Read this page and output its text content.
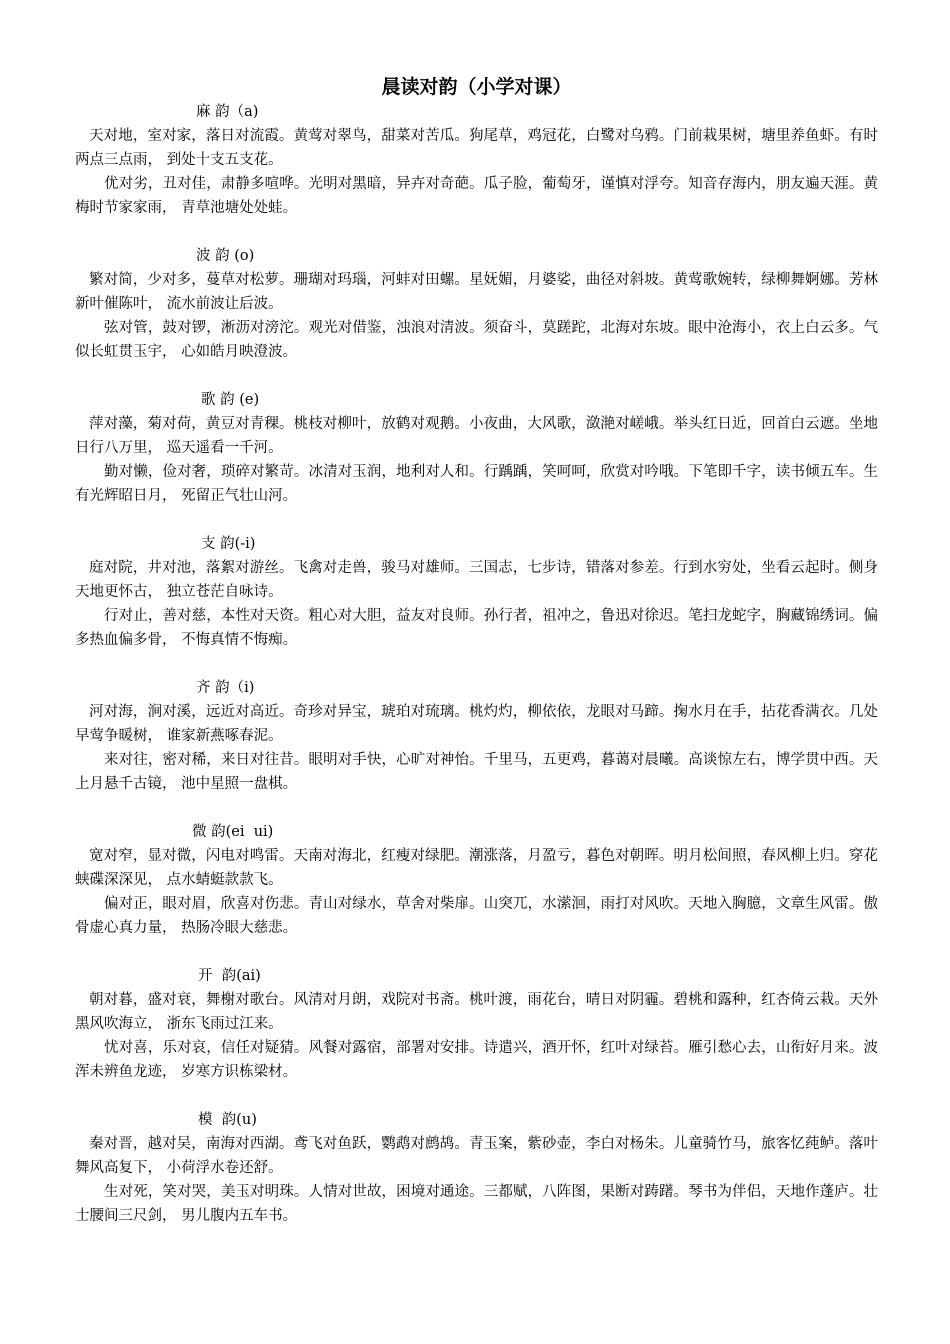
晨读对韵（小学对课）
麻 韵（a)

天对地，室对家，落日对流霞。黄莺对翠鸟，甜菜对苦瓜。狗尾草，鸡冠花，白鹭对乌鸦。门前栽果树，塘里养鱼虾。有时两点三点雨， 到处十支五支花。

优对劣，丑对佳，肃静多喧哗。光明对黑暗，异卉对奇葩。瓜子脸，葡萄牙，谨慎对浮夸。知音存海内，朋友遍天涯。黄梅时节家家雨， 青草池塘处处蛙。

波 韵 (o)

繁对简，少对多，蔓草对松萝。珊瑚对玛瑙，河蚌对田螺。星妩媚，月婆娑，曲径对斜坡。黄莺歌婉转，绿柳舞婀娜。芳林新叶催陈叶， 流水前波让后波。

弦对管，鼓对锣，淅沥对滂沱。观光对借鉴，浊浪对清波。须奋斗，莫蹉跎，北海对东坡。眼中沧海小，衣上白云多。气似长虹贯玉宇， 心如皓月映澄波。

歌 韵 (e)

萍对藻，菊对荷，黄豆对青稞。桃枝对柳叶，放鹤对观鹅。小夜曲，大风歌，潋滟对嵯峨。举头红日近，回首白云遮。坐地日行八万里， 巡天遥看一千河。

勤对懒，俭对奢，琐碎对繁苛。冰清对玉润，地利对人和。行踽踽，笑呵呵，欣赏对吟哦。下笔即千字，读书倾五车。生有光辉昭日月， 死留正气壮山河。

支 韵(-i)

庭对院，井对池，落絮对游丝。飞禽对走兽，骏马对雄师。三国志，七步诗，错落对参差。行到水穷处，坐看云起时。侧身天地更怀古， 独立苍茫自咏诗。

行对止，善对慈，本性对天资。粗心对大胆，益友对良师。孙行者，祖冲之，鲁迅对徐迟。笔扫龙蛇字，胸藏锦绣词。偏多热血偏多骨， 不悔真情不悔痴。

齐 韵（i)

河对海，涧对溪，远近对高近。奇珍对异宝，琥珀对琉璃。桃灼灼，柳依依，龙眼对马蹄。掬水月在手，拈花香满衣。几处早莺争暖树， 谁家新燕啄春泥。

来对往，密对稀，来日对往昔。眼明对手快，心旷对神怡。千里马，五更鸡，暮蔼对晨曦。高谈惊左右，博学贯中西。天上月悬千古镜， 池中星照一盘棋。

微 韵(ei  ui)

宽对窄，显对微，闪电对鸣雷。天南对海北，红瘦对绿肥。潮涨落，月盈亏，暮色对朝晖。明月松间照，春风柳上归。穿花蛱碟深深见， 点水蜻蜓款款飞。

偏对正，眼对眉，欣喜对伤悲。青山对绿水，草舍对柴扉。山突兀，水潆洄，雨打对风吹。天地入胸臆，文章生风雷。傲骨虚心真力量， 热肠冷眼大慈悲。

开  韵(ai)

朝对暮，盛对衰，舞榭对歌台。风清对月朗，戏院对书斋。桃叶渡，雨花台，晴日对阴霾。碧桃和露种，红杏倚云栽。天外黑风吹海立， 浙东飞雨过江来。

忧对喜，乐对哀，信任对疑猜。风餐对露宿，部署对安排。诗遣兴，酒开怀，红叶对绿苔。雁引愁心去，山衔好月来。波浑未辨鱼龙迹， 岁寒方识栋梁材。

模  韵(u)

秦对晋，越对吴，南海对西湖。鸢飞对鱼跃，鹦鹉对鹧鸪。青玉案，紫砂壶，李白对杨朱。儿童骑竹马，旅客忆莼鲈。落叶舞风高复下， 小荷浮水卷还舒。

生对死，笑对哭，美玉对明珠。人情对世故，困境对通途。三都赋，八阵图，果断对踌躇。琴书为伴侣，天地作蓬庐。壮士腰间三尺剑， 男儿腹内五车书。
